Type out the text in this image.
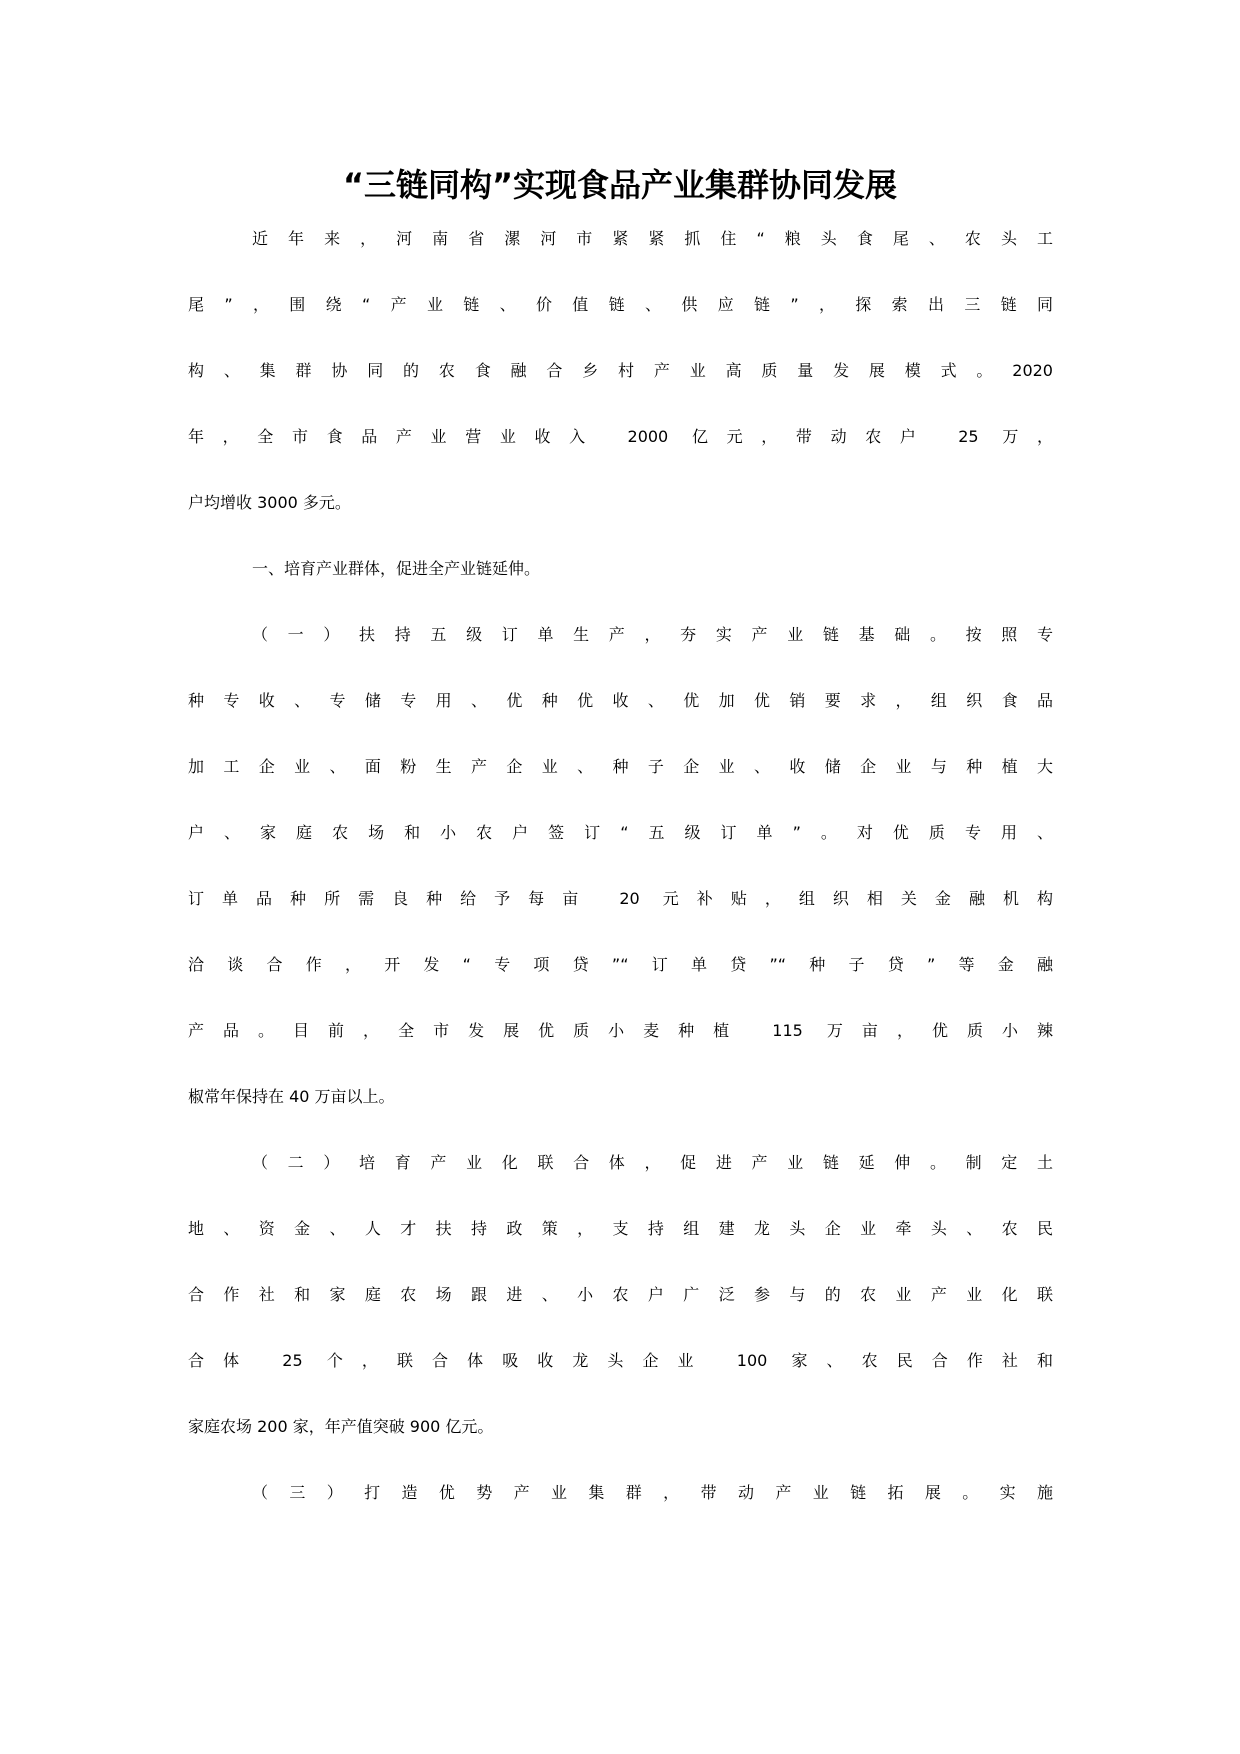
“三链同构”实现食品产业集群协同发展
近年来，河南省漯河市紧紧抓住“粮头食尾、农头工
尾”，围绕“产业链、价值链、供应链”，探索出三链同
构、集群协同的农食融合乡村产业高质量发展模式。2020
年，全市食品产业营业收入 2000 亿元，带动农户 25 万，
户均增收 3000 多元。
一、培育产业群体，促进全产业链延伸。
（一）扶持五级订单生产，夯实产业链基础。按照专
种专收、专储专用、优种优收、优加优销要求，组织食品
加工企业、面粉生产企业、种子企业、收储企业与种植大
户、家庭农场和小农户签订“五级订单”。对优质专用、
订单品种所需良种给予每亩 20 元补贴，组织相关金融机构
洽谈合作，开发“专项贷”“订单贷”“种子贷”等金融
产品。目前，全市发展优质小麦种植 115 万亩，优质小辣
椒常年保持在 40 万亩以上。
（二）培育产业化联合体，促进产业链延伸。制定土
地、资金、人才扶持政策，支持组建龙头企业牵头、农民
合作社和家庭农场跟进、小农户广泛参与的农业产业化联
合体 25 个，联合体吸收龙头企业 100 家、农民合作社和
家庭农场 200 家，年产值突破 900 亿元。
（三）打造优势产业集群，带动产业链拓展。实施
